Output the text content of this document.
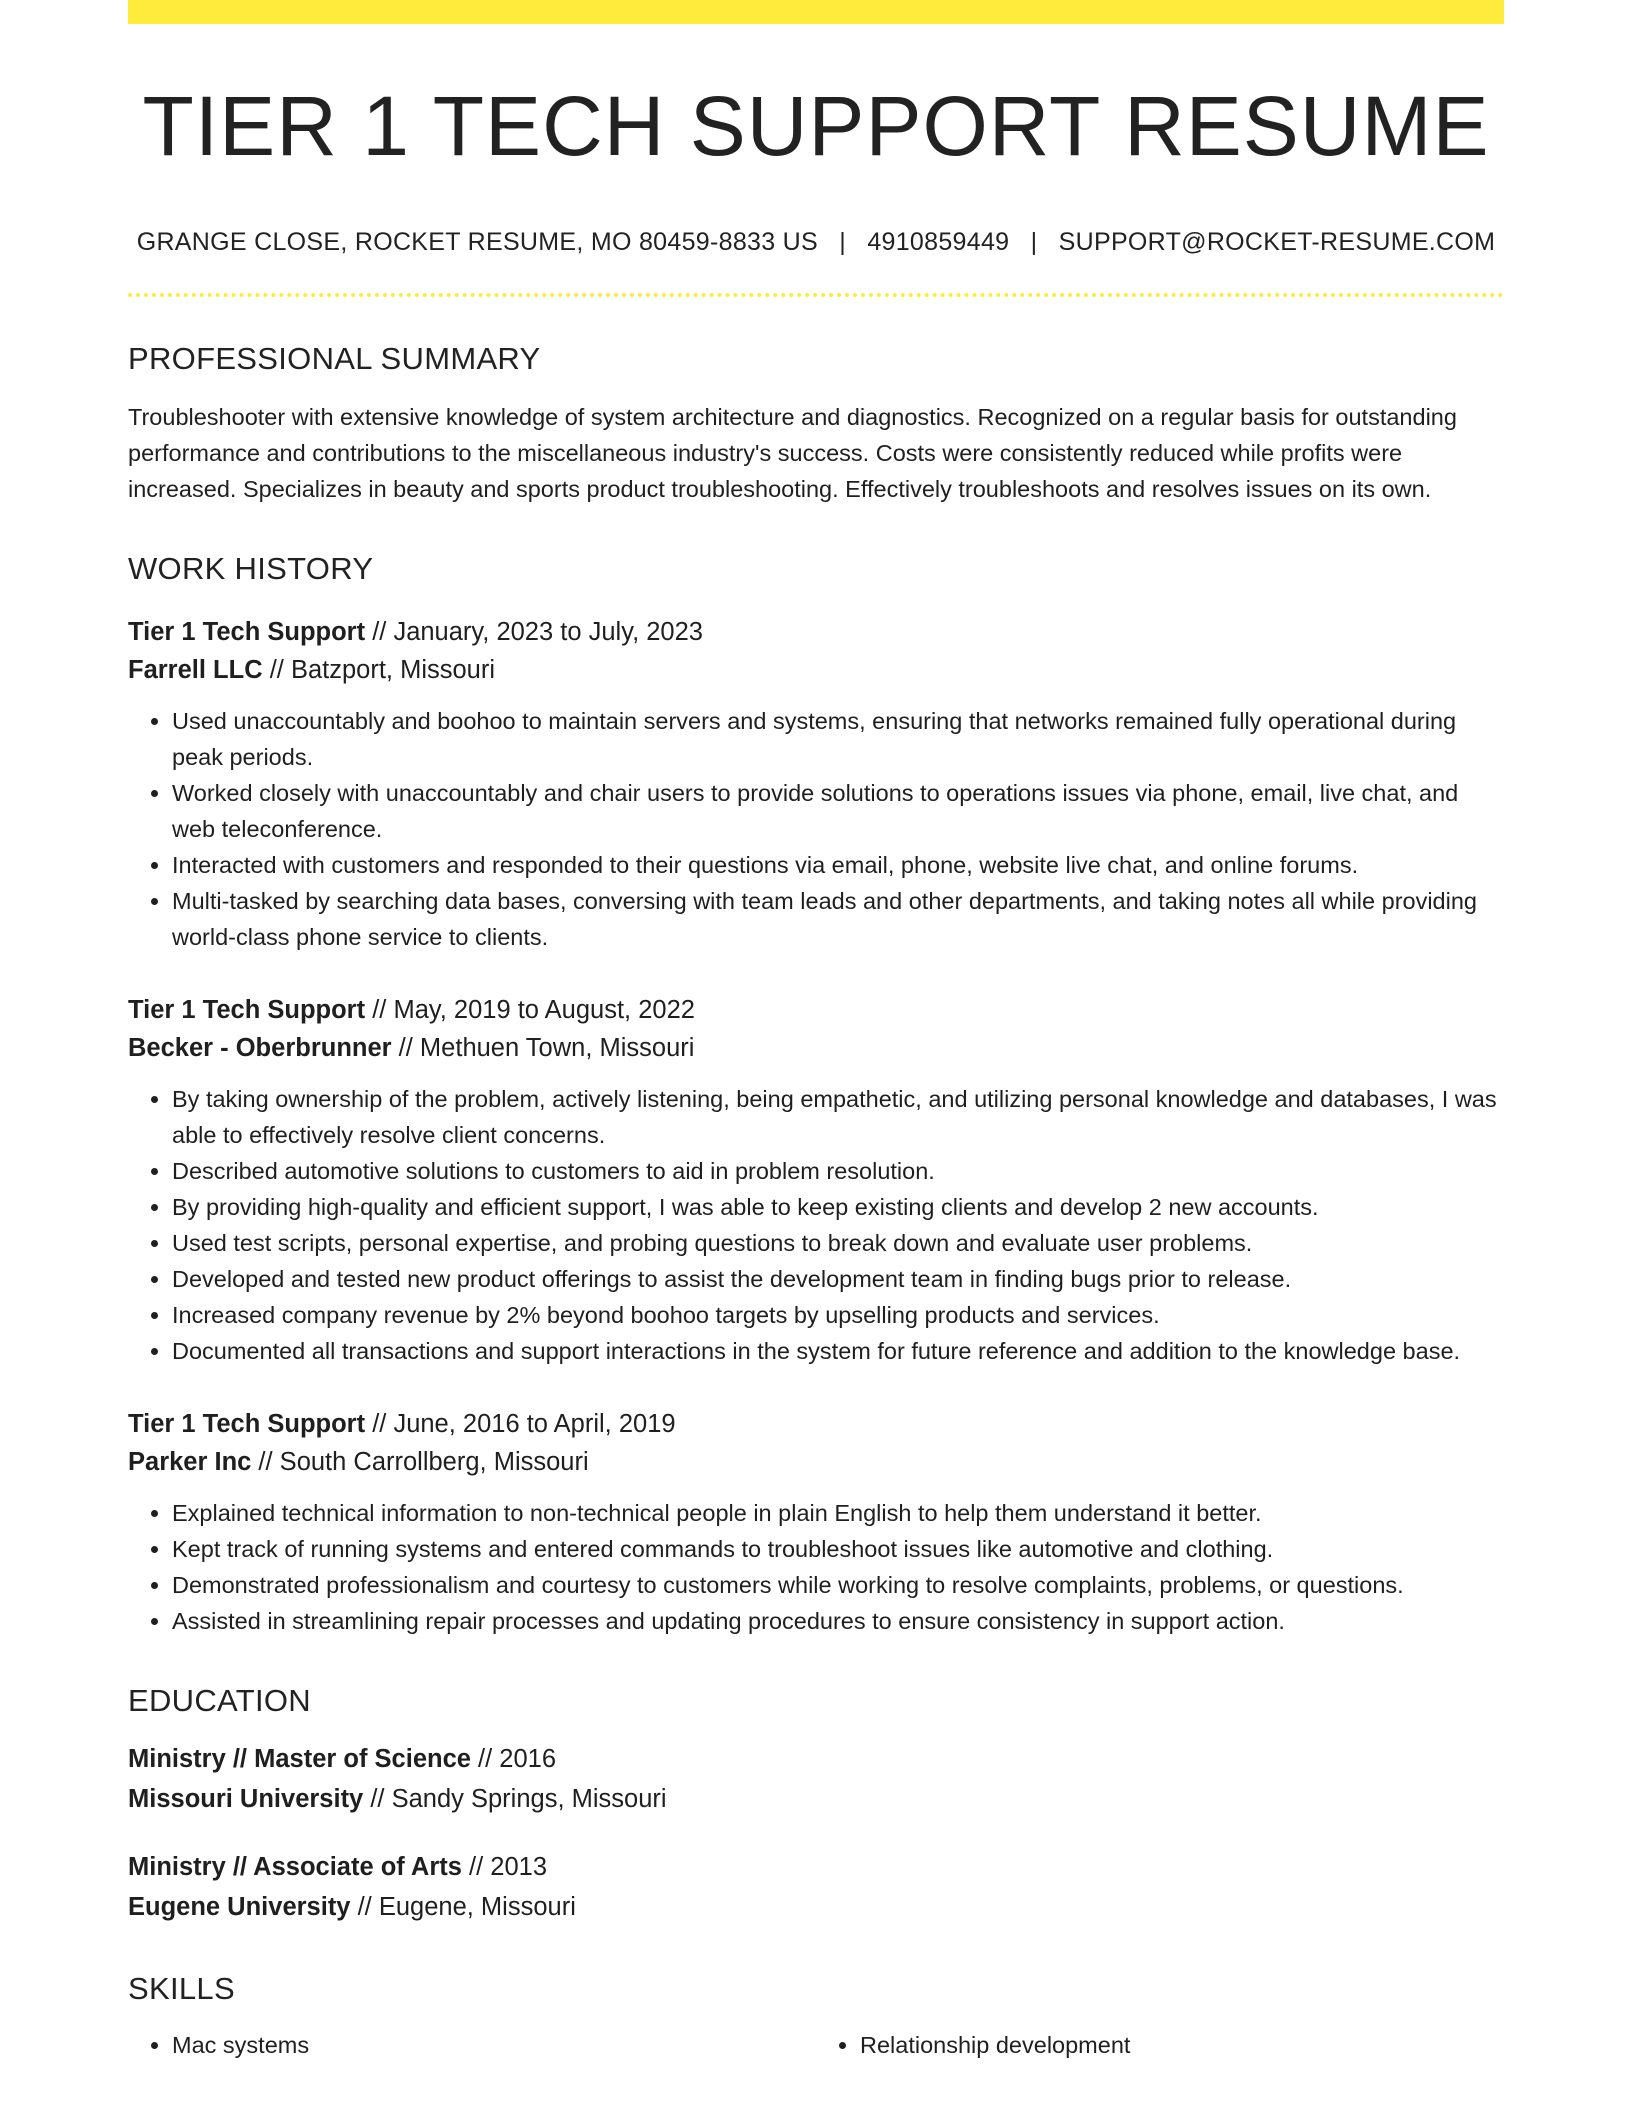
TIER 1 TECH SUPPORT RESUME
GRANGE CLOSE, ROCKET RESUME, MO 80459-8833 US | 4910859449 | SUPPORT@ROCKET-RESUME.COM
PROFESSIONAL SUMMARY

Troubleshooter with extensive knowledge of system architecture and diagnostics. Recognized on a regular basis for outstanding performance and contributions to the miscellaneous industry's success. Costs were consistently reduced while profits were increased. Specializes in beauty and sports product troubleshooting. Effectively troubleshoots and resolves issues on its own.

WORK HISTORY
Tier 1 Tech Support // January, 2023 to July, 2023
Farrell LLC // Batzport, Missouri
• Used unaccountably and boohoo to maintain servers and systems, ensuring that networks remained fully operational during peak periods.
• Worked closely with unaccountably and chair users to provide solutions to operations issues via phone, email, live chat, and web teleconference.
• Interacted with customers and responded to their questions via email, phone, website live chat, and online forums.
• Multi-tasked by searching data bases, conversing with team leads and other departments, and taking notes all while providing world-class phone service to clients.
Tier 1 Tech Support // May, 2019 to August, 2022
Becker - Oberbrunner // Methuen Town, Missouri
• By taking ownership of the problem, actively listening, being empathetic, and utilizing personal knowledge and databases, I was able to effectively resolve client concerns.
• Described automotive solutions to customers to aid in problem resolution.
• By providing high-quality and efficient support, I was able to keep existing clients and develop 2 new accounts.
• Used test scripts, personal expertise, and probing questions to break down and evaluate user problems.
• Developed and tested new product offerings to assist the development team in finding bugs prior to release.
• Increased company revenue by 2% beyond boohoo targets by upselling products and services.
• Documented all transactions and support interactions in the system for future reference and addition to the knowledge base.
Tier 1 Tech Support // June, 2016 to April, 2019
Parker Inc // South Carrollberg, Missouri
• Explained technical information to non-technical people in plain English to help them understand it better.
• Kept track of running systems and entered commands to troubleshoot issues like automotive and clothing.
• Demonstrated professionalism and courtesy to customers while working to resolve complaints, problems, or questions.
• Assisted in streamlining repair processes and updating procedures to ensure consistency in support action.
EDUCATION
Ministry // Master of Science // 2016
Missouri University // Sandy Springs, Missouri
Ministry // Associate of Arts // 2013
Eugene University // Eugene, Missouri
SKILLS
• Mac systems
•	Relationship development
